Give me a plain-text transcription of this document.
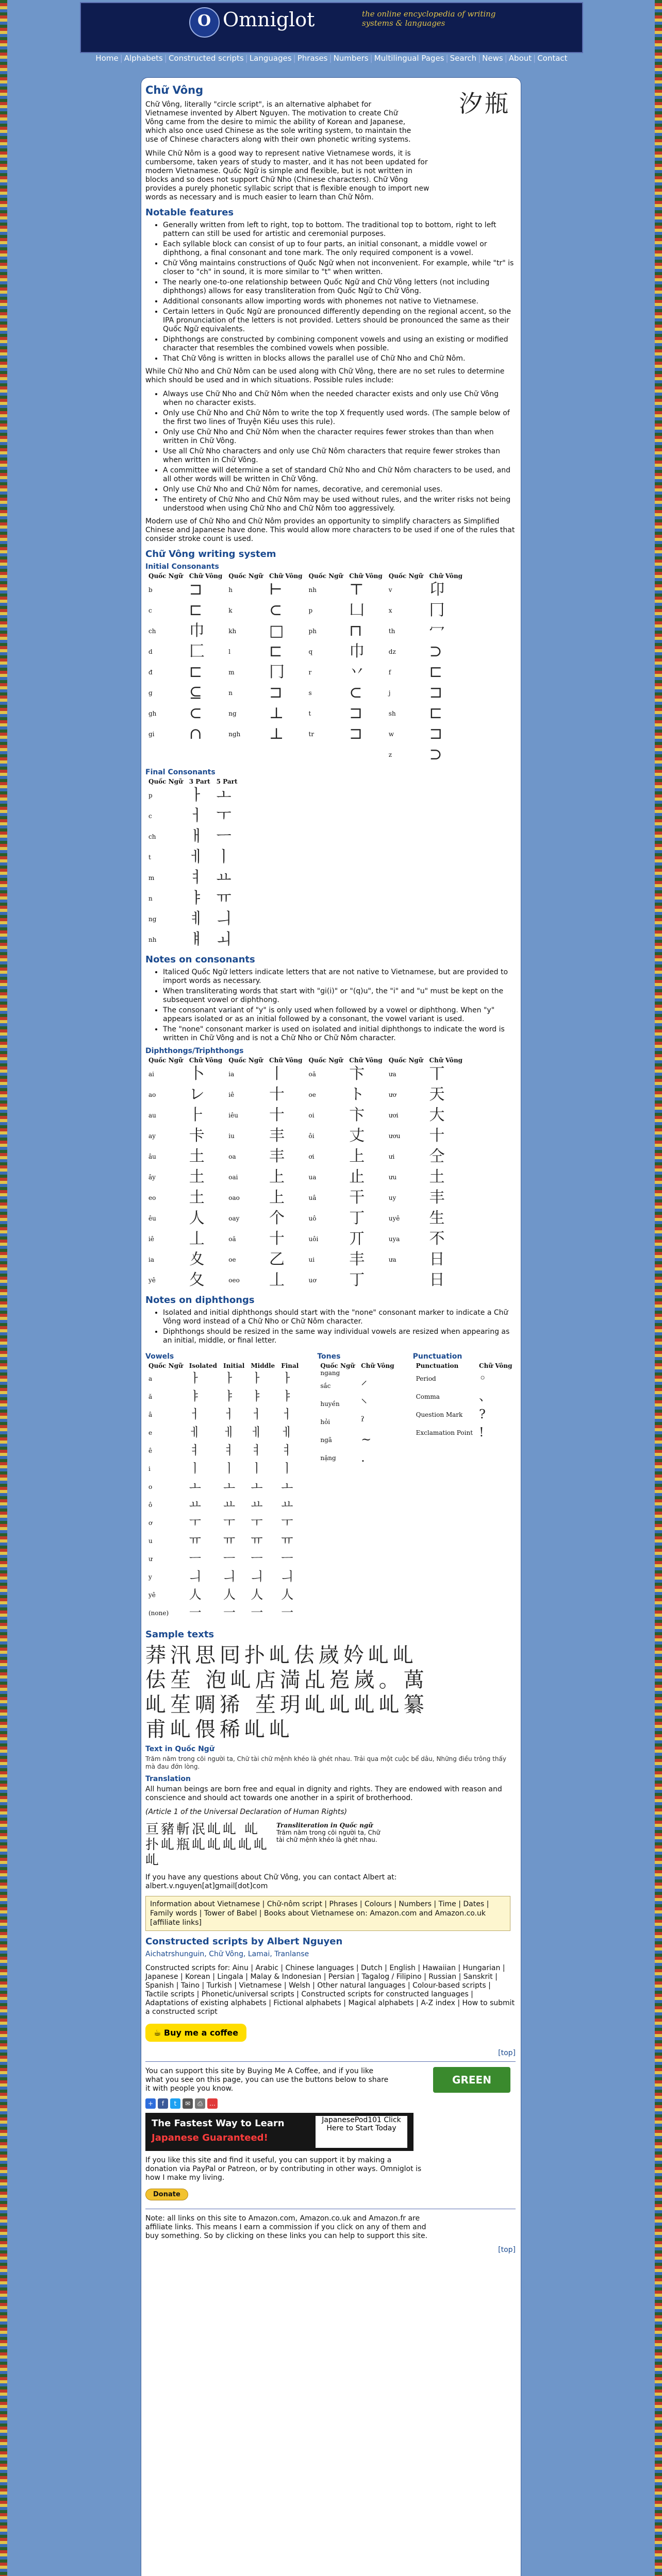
O Omniglot	the online encyclopedia of writing systems & languages
Home | Alphabets | Constructed scripts | Languages | Phrases | Numbers | Multilingual Pages | Search | News | About | Contact
汐瓶
Chữ Vông

Chữ Vông, literally "circle script", is an alternative alphabet for Vietnamese invented by Albert Nguyen. The motivation to create Chữ Vông came from the desire to mimic the ability of Korean and Japanese, which also once used Chinese as the sole writing system, to maintain the use of Chinese characters along with their own phonetic writing systems.

While Chữ Nôm is a good way to represent native Vietnamese words, it is cumbersome, taken years of study to master, and it has not been updated for modern Vietnamese. Quốc Ngữ is simple and flexible, but is not written in blocks and so does not support Chữ Nho (Chinese characters). Chữ Vông provides a purely phonetic syllabic script that is flexible enough to import new words as necessary and is much easier to learn than Chữ Nôm.

Notable features
• Generally written from left to right, top to bottom. The traditional top to bottom, right to left pattern can still be used for artistic and ceremonial purposes.
• Each syllable block can consist of up to four parts, an initial consonant, a middle vowel or diphthong, a final consonant and tone mark. The only required component is a vowel.
• Chữ Vông maintains constructions of Quốc Ngữ when not inconvenient. For example, while "tr" is closer to "ch" in sound, it is more similar to "t" when written.
• The nearly one-to-one relationship between Quốc Ngữ and Chữ Vông letters (not including diphthongs) allows for easy transliteration from Quốc Ngữ to Chữ Vông.
• Additional consonants allow importing words with phonemes not native to Vietnamese.
• Certain letters in Quốc Ngữ are pronounced differently depending on the regional accent, so the IPA pronunciation of the letters is not provided. Letters should be pronounced the same as their Quốc Ngữ equivalents.
• Diphthongs are constructed by combining component vowels and using an existing or modified character that resembles the combined vowels when possible.
• That Chữ Vông is written in blocks allows the parallel use of Chữ Nho and Chữ Nôm.

While Chữ Nho and Chữ Nôm can be used along with Chữ Vông, there are no set rules to determine which should be used and in which situations. Possible rules include:

• Always use Chữ Nho and Chữ Nôm when the needed character exists and only use Chữ Vông when no character exists.
• Only use Chữ Nho and Chữ Nôm to write the top X frequently used words. (The sample below of the first two lines of Truyện Kiều uses this rule).
• Only use Chữ Nho and Chữ Nôm when the character requires fewer strokes than than when written in Chữ Vông.
• Use all Chữ Nho characters and only use Chữ Nôm characters that require fewer strokes than when written in Chữ Vông.
• A committee will determine a set of standard Chữ Nho and Chữ Nôm characters to be used, and all other words will be written in Chữ Vông.
• Only use Chữ Nho and Chữ Nôm for names, decorative, and ceremonial uses.
• The entirety of Chữ Nho and Chữ Nôm may be used without rules, and the writer risks not being understood when using Chữ Nho and Chữ Nôm too aggressively.

Modern use of Chữ Nho and Chữ Nôm provides an opportunity to simplify characters as Simplified Chinese and Japanese have done. This would allow more characters to be used if one of the rules that consider stroke count is used.

Chữ Vông writing system
Initial Consonants
Quốc Ngữ	Chữ Vông	Quốc Ngữ	Chữ Vông	Quốc Ngữ	Chữ Vông	Quốc Ngữ	Chữ Vông
b	⊐	h	⊢	nh	⊤	v	卬
c	⊏	k	⊂	p	凵	x	冂
ch	巾	kh	□	ph	⊓	th	冖
d	匚	l	⊏	q	巾	dz	⊃
đ	⊏	m	冂	r	丷	f	⊏
g	⊆	n	⊐	s	⊂	j	⊐
gh	⊂	ng	⊥	t	⊐	sh	⊏
gi	∩	ngh	⊥	tr	⊐	w	⊐
						z	⊃
Final Consonants
Quốc Ngữ	3 Part	5 Part
p	ㅏ	ㅗ
c	ㅓ	ㅜ
ch	ㅐ	ㅡ
t	ㅔ	ㅣ
m	ㅕ	ㅛ
n	ㅑ	ㅠ
ng	ㅖ	ㅢ
nh	ㅒ	ㅚ
Notes on consonants
• Italiced Quốc Ngữ letters indicate letters that are not native to Vietnamese, but are provided to import words as necessary.
• When transliterating words that start with "gi(i)" or "(q)u", the "i" and "u" must be kept on the subsequent vowel or diphthong.
• The consonant variant of "y" is only used when followed by a vowel or diphthong. When "y" appears isolated or as an initial followed by a consonant, the vowel variant is used.
• The "none" consonant marker is used on isolated and initial diphthongs to indicate the word is written in Chữ Vông and is not a Chữ Nho or Chữ Nôm character.
Diphthongs/Triphthongs
Quốc Ngữ	Chữ Vông	Quốc Ngữ	Chữ Vông	Quốc Ngữ	Chữ Vông	Quốc Ngữ	Chữ Vông
ai	卜	ia	丨	oă	卞	ưa	丅
ao	レ	iê	十	oe	ト	ươ	天
au	⺊	iêu	十	oi	卞	ươi	大
ay	卡	iu	丰	ôi	丈	ươu	十
âu	土	oa	丰	ơi	上	ưi	仝
ây	土	oai	上	ua	止	ưu	土
eo	土	oao	上	uâ	干	uy	丰
êu	人	oay	个	uô	丁	uyê	生
iê	丄	oă	十	uôi	丌	uya	不
ia	夊	oe	乙	ui	丰	ưa	日
yê	夂	oeo	丄	uơ	丁		日
Notes on diphthongs
• Isolated and initial diphthongs should start with the "none" consonant marker to indicate a Chữ Vông word instead of a Chữ Nho or Chữ Nôm character.
• Diphthongs should be resized in the same way individual vowels are resized when appearing as an initial, middle, or final letter.
Vowels
Quốc Ngữ	Isolated	Initial	Middle	Final
a	ㅏ	ㅏ	ㅏ	ㅏ
ă	ㅑ	ㅑ	ㅑ	ㅑ
â	ㅓ	ㅓ	ㅓ	ㅓ
e	ㅔ	ㅔ	ㅔ	ㅔ
ê	ㅕ	ㅕ	ㅕ	ㅕ
i	ㅣ	ㅣ	ㅣ	ㅣ
o	ㅗ	ㅗ	ㅗ	ㅗ
ô	ㅛ	ㅛ	ㅛ	ㅛ
ơ	ㅜ	ㅜ	ㅜ	ㅜ
u	ㅠ	ㅠ	ㅠ	ㅠ
ư	ㅡ	ㅡ	ㅡ	ㅡ
y	ㅢ	ㅢ	ㅢ	ㅢ
yê	人	人	人	人
(none)	一	一	一	一
Tones
Quốc Ngữ	Chữ Vông
ngang	
sắc	⸍
huyền	⸌
hỏi	ˀ
ngã	~
nặng	.
Punctuation
Punctuation	Chữ Vông
Period	◦
Comma	、
Question Mark	?
Exclamation Point	!
Sample texts
莽汛思囘扑乢佉嵗妗乢乢佉苼 泡乢店満乩峞嵗。萬乢苼啁狶 苼玥乢乢乢乢纂甫乢偎稀乢乢
Text in Quốc Ngữ

Trăm năm trong cõi người ta, Chữ tài chữ mệnh khéo là ghét nhau. Trải qua một cuộc bể dâu, Những điều trông thấy mà đau đớn lòng.

Translation

All human beings are born free and equal in dignity and rights. They are endowed with reason and conscience and should act towards one another in a spirit of brotherhood.

(Article 1 of the Universal Declaration of Human Rights)

亘豬斬冺乢乢 乢扑乢瓶乢乢乢乢乢乢
Transliteration in Quốc ngữ
Trăm năm trong cõi người ta, Chữ tài chữ mệnh khéo là ghét nhau.

If you have any questions about Chữ Vông, you can contact Albert at: albert.v.nguyen[at]gmail[dot]com

Information about Vietnamese | Chữ-nôm script | Phrases | Colours | Numbers | Time | Dates | Family words | Tower of Babel | Books about Vietnamese on: Amazon.com and Amazon.co.uk [affiliate links]
Constructed scripts by Albert Nguyen

Aichatrshunguin, Chữ Vông, Lamai, Tranlanse

Constructed scripts for: Ainu | Arabic | Chinese languages | Dutch | English | Hawaiian | Hungarian | Japanese | Korean | Lingala | Malay & Indonesian | Persian | Tagalog / Filipino | Russian | Sanskrit | Spanish | Taino | Turkish | Vietnamese | Welsh | Other natural languages | Colour-based scripts | Tactile scripts | Phonetic/universal scripts | Constructed scripts for constructed languages | Adaptations of existing alphabets | Fictional alphabets | Magical alphabets | A-Z index | How to submit a constructed script

☕ Buy me a coffee
[top]
GREEN

You can support this site by Buying Me A Coffee, and if you like what you see on this page, you can use the buttons below to share it with people you know.

+	f	t	✉	⎙	…
The Fastest Way to Learn
Japanese Guaranteed!
JapanesePod101 Click Here to Start Today

If you like this site and find it useful, you can support it by making a donation via PayPal or Patreon, or by contributing in other ways. Omniglot is how I make my living.

Donate

Note: all links on this site to Amazon.com, Amazon.co.uk and Amazon.fr are affiliate links. This means I earn a commission if you click on any of them and buy something. So by clicking on these links you can help to support this site.

[top]
